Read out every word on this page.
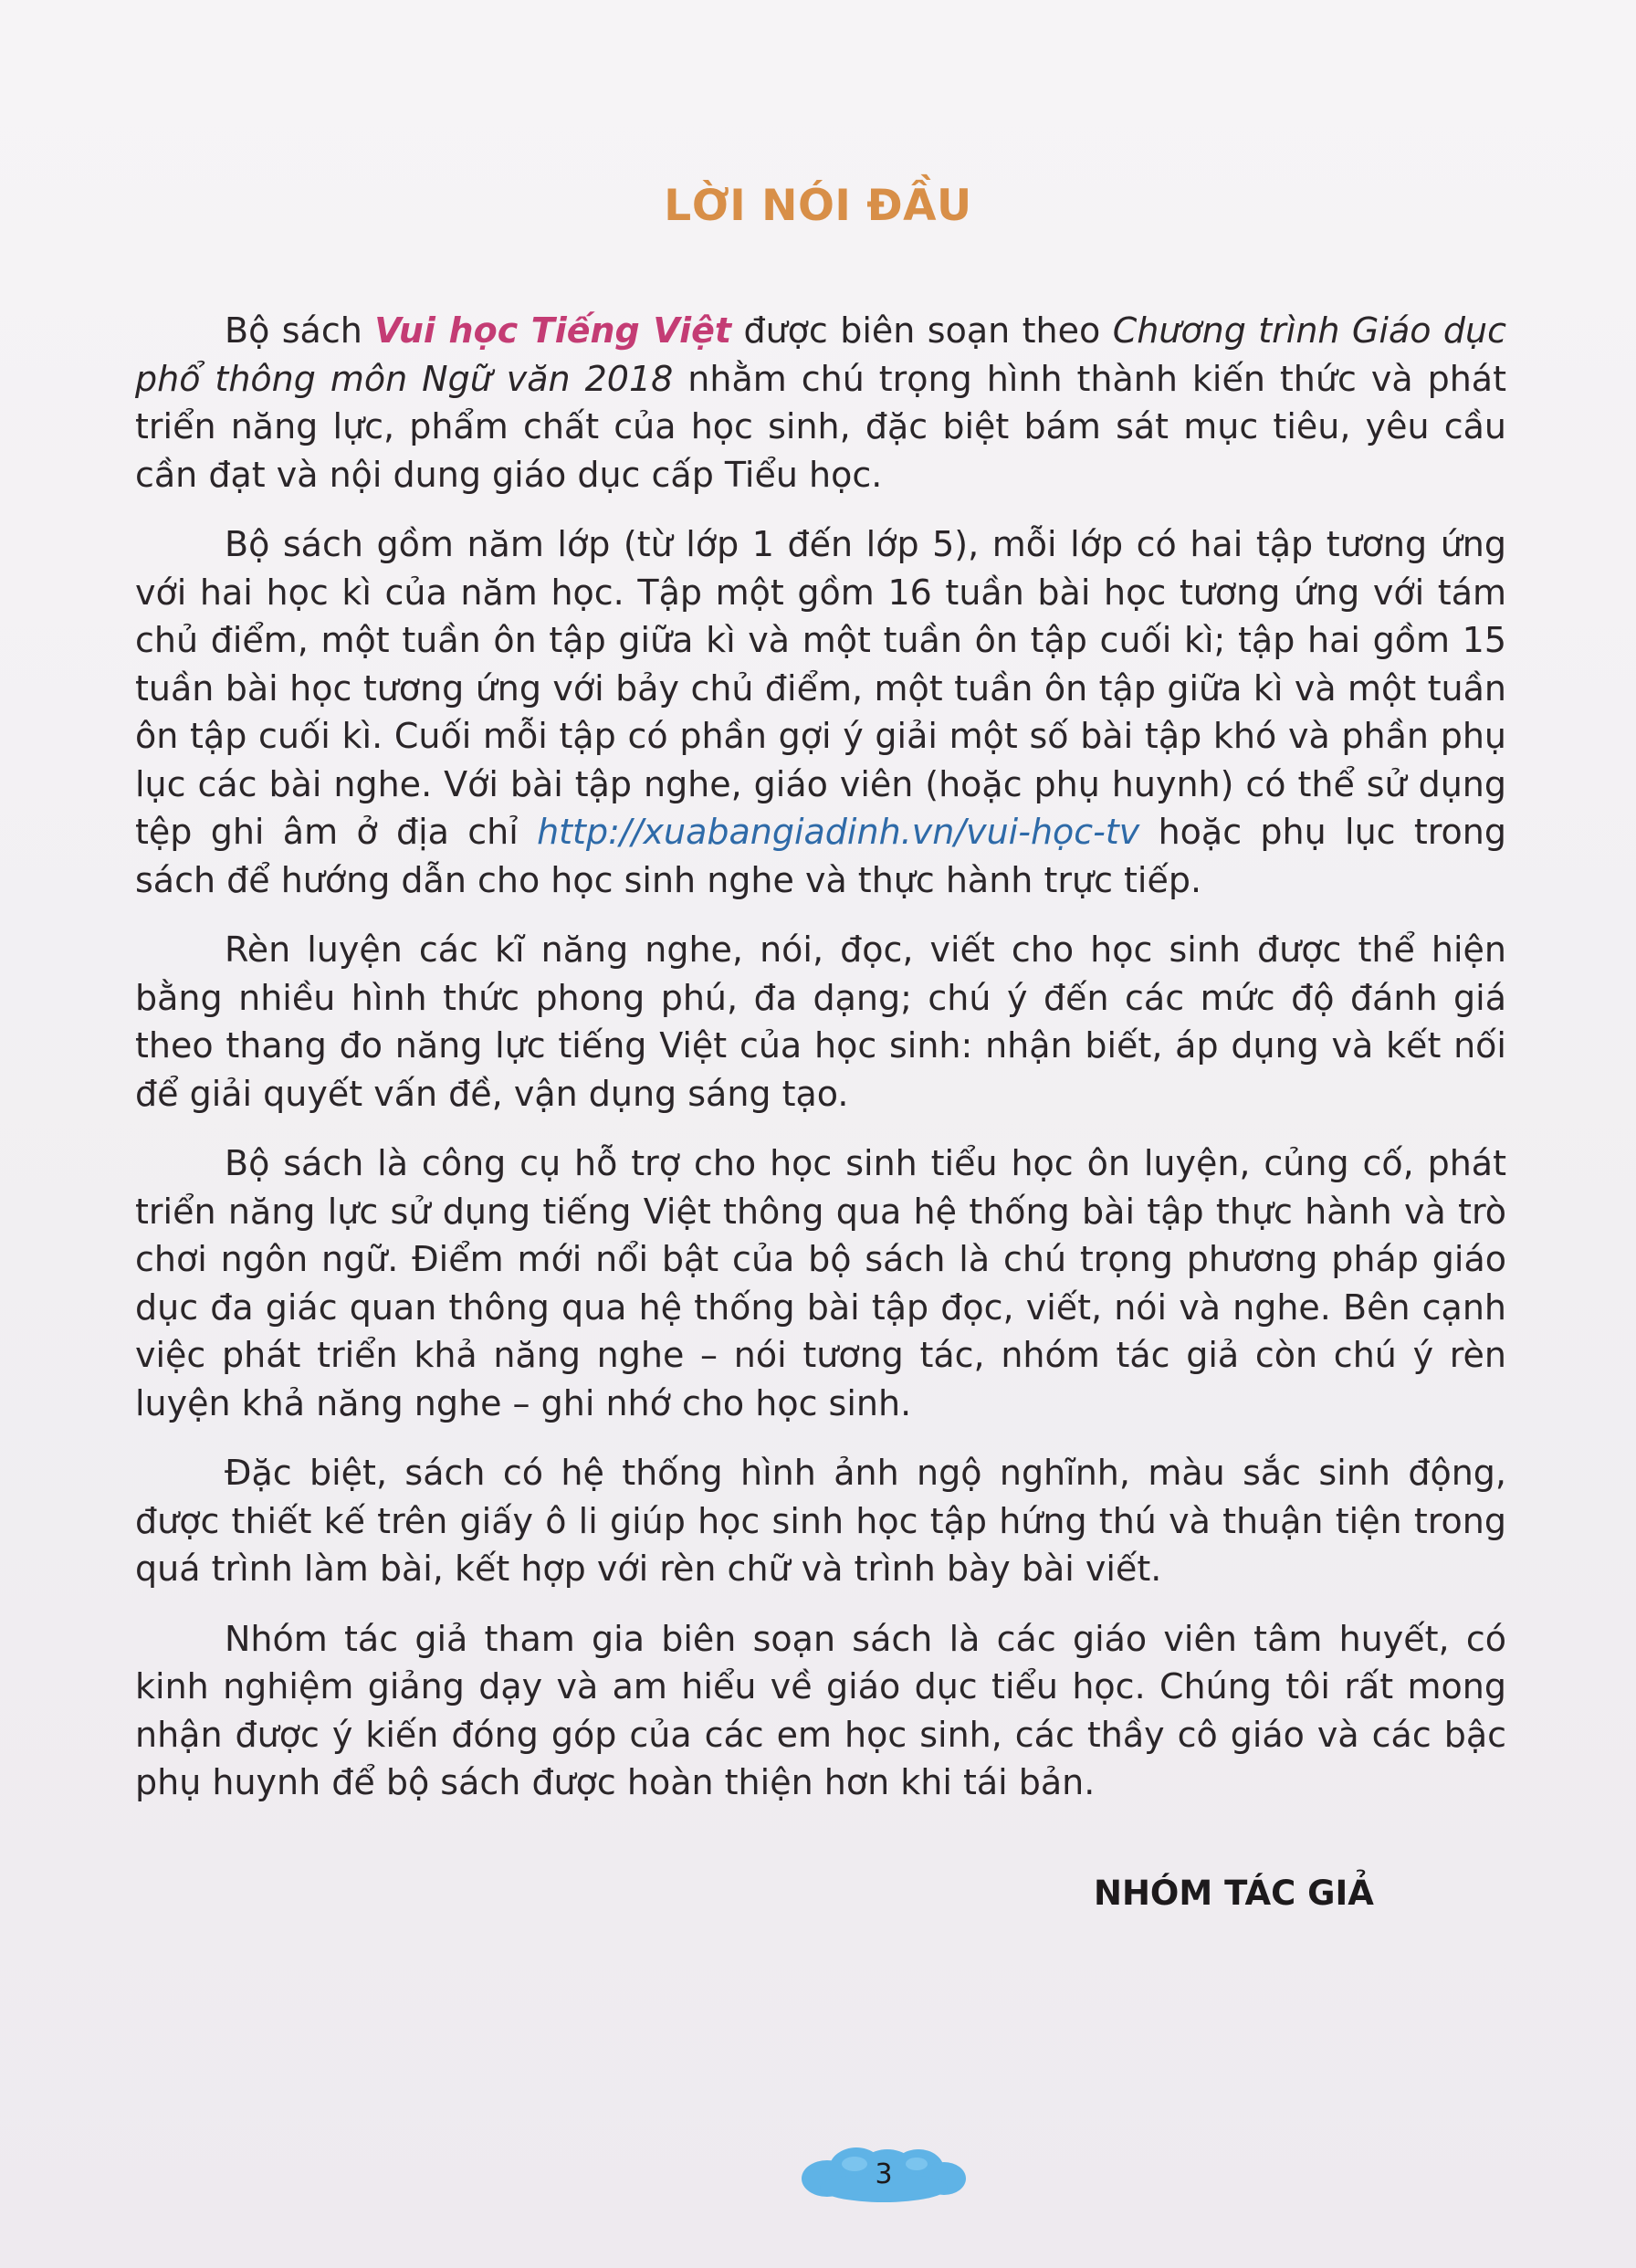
LỜI NÓI ĐẦU

Bộ sách Vui học Tiếng Việt được biên soạn theo Chương trình Giáo dục phổ thông môn Ngữ văn 2018 nhằm chú trọng hình thành kiến thức và phát triển năng lực, phẩm chất của học sinh, đặc biệt bám sát mục tiêu, yêu cầu cần đạt và nội dung giáo dục cấp Tiểu học.

Bộ sách gồm năm lớp (từ lớp 1 đến lớp 5), mỗi lớp có hai tập tương ứng với hai học kì của năm học. Tập một gồm 16 tuần bài học tương ứng với tám chủ điểm, một tuần ôn tập giữa kì và một tuần ôn tập cuối kì; tập hai gồm 15 tuần bài học tương ứng với bảy chủ điểm, một tuần ôn tập giữa kì và một tuần ôn tập cuối kì. Cuối mỗi tập có phần gợi ý giải một số bài tập khó và phần phụ lục các bài nghe. Với bài tập nghe, giáo viên (hoặc phụ huynh) có thể sử dụng tệp ghi âm ở địa chỉ http://xuabangiadinh.vn/vui-học-tv hoặc phụ lục trong sách để hướng dẫn cho học sinh nghe và thực hành trực tiếp.

Rèn luyện các kĩ năng nghe, nói, đọc, viết cho học sinh được thể hiện bằng nhiều hình thức phong phú, đa dạng; chú ý đến các mức độ đánh giá theo thang đo năng lực tiếng Việt của học sinh: nhận biết, áp dụng và kết nối để giải quyết vấn đề, vận dụng sáng tạo.

Bộ sách là công cụ hỗ trợ cho học sinh tiểu học ôn luyện, củng cố, phát triển năng lực sử dụng tiếng Việt thông qua hệ thống bài tập thực hành và trò chơi ngôn ngữ. Điểm mới nổi bật của bộ sách là chú trọng phương pháp giáo dục đa giác quan thông qua hệ thống bài tập đọc, viết, nói và nghe. Bên cạnh việc phát triển khả năng nghe – nói tương tác, nhóm tác giả còn chú ý rèn luyện khả năng nghe – ghi nhớ cho học sinh.

Đặc biệt, sách có hệ thống hình ảnh ngộ nghĩnh, màu sắc sinh động, được thiết kế trên giấy ô li giúp học sinh học tập hứng thú và thuận tiện trong quá trình làm bài, kết hợp với rèn chữ và trình bày bài viết.

Nhóm tác giả tham gia biên soạn sách là các giáo viên tâm huyết, có kinh nghiệm giảng dạy và am hiểu về giáo dục tiểu học. Chúng tôi rất mong nhận được ý kiến đóng góp của các em học sinh, các thầy cô giáo và các bậc phụ huynh để bộ sách được hoàn thiện hơn khi tái bản.

NHÓM TÁC GIẢ
3
